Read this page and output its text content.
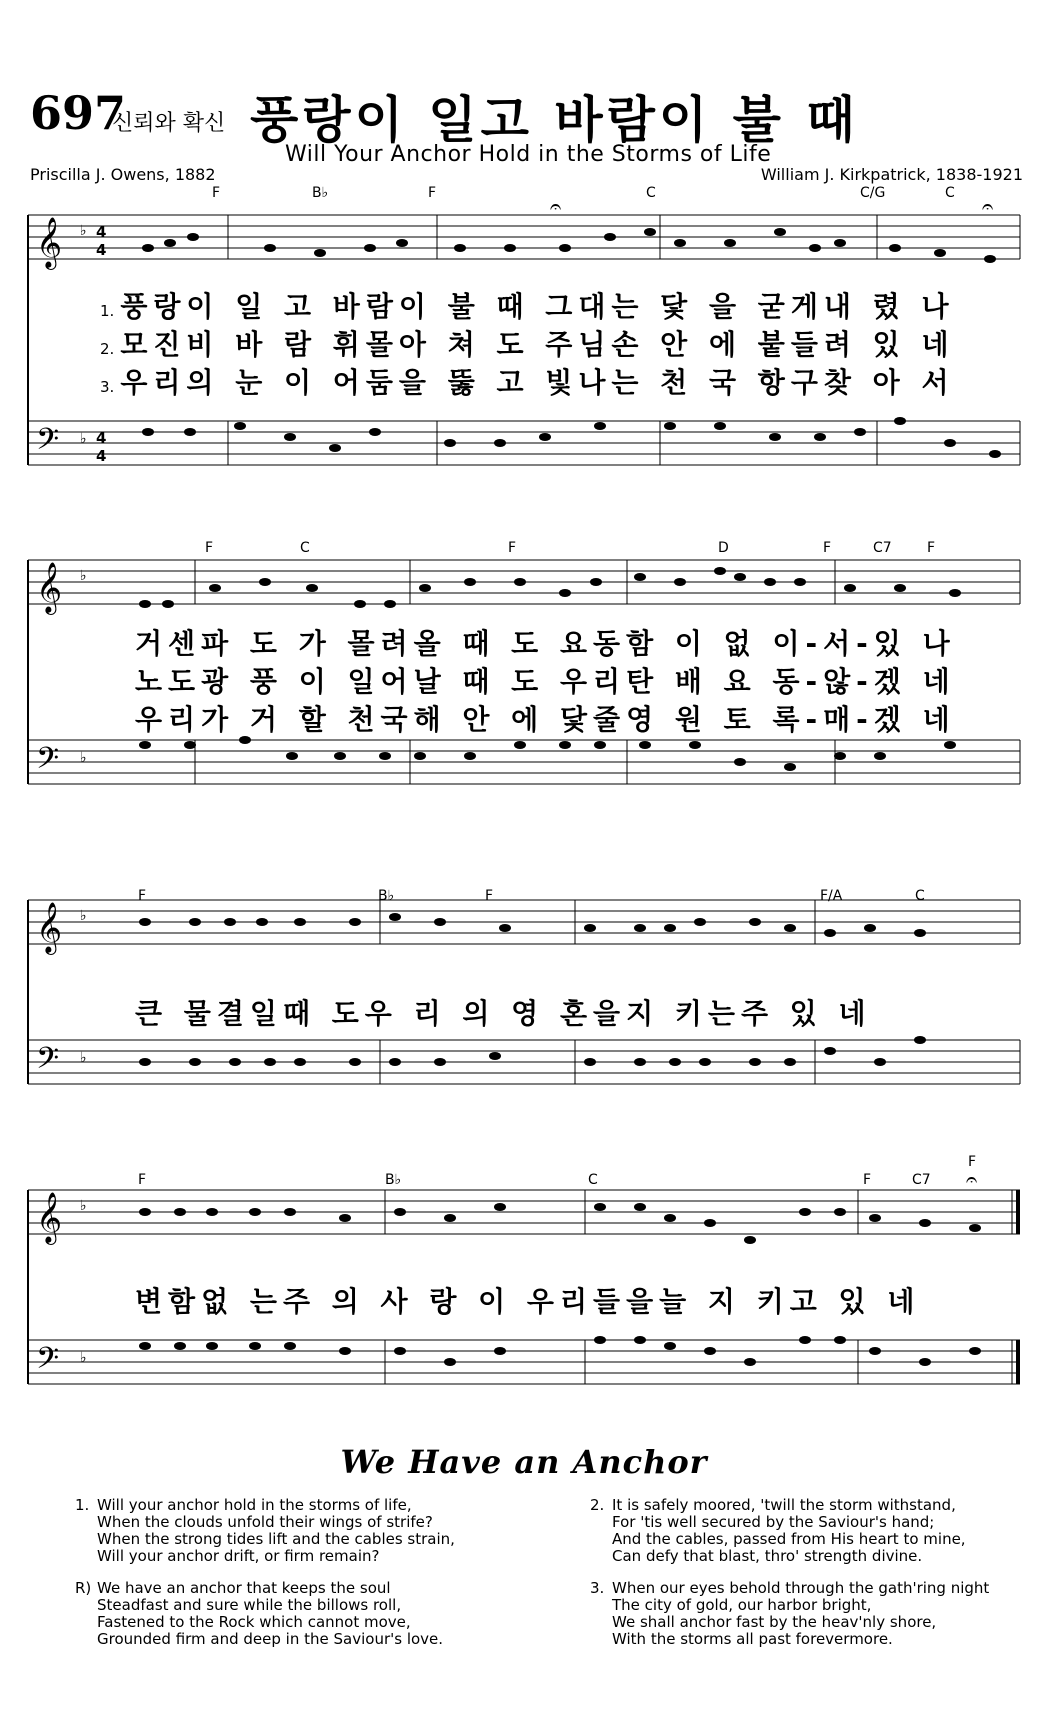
697
신뢰와 확신 풍랑이 일고 바람이 불 때
Will Your Anchor Hold in the Storms of Life
Priscilla J. Owens, 1882	William J. Kirkpatrick, 1838-1921
𝄞
𝄢
♭
♭
4
4
4
4
𝄐	𝄐
F	B♭	F	C	C/G	C
1. 풍랑이 일 고 바람이 불 때 그대는 닻 을 굳게내 렸 나
2. 모진비 바 람 휘몰아 쳐 도 주님손 안 에 붙들려 있 네
3. 우리의 눈 이 어둠을 뚫 고 빛나는 천 국 항구찾 아 서
𝄞
𝄢
♭
♭
F	C	F	D	F	C7	F
거센파 도 가 몰려올 때 도 요동함 이 없 이-서-있 나
노도광 풍 이 일어날 때 도 우리탄 배 요 동-않-겠 네
우리가 거 할 천국해 안 에 닻줄영 원 토 록-매-겠 네
𝄞
𝄢
♭
♭
F	B♭	F	F/A	C
큰 물결일때 도우 리 의 영 혼을지 키는주 있 네
𝄞
𝄢
♭
♭
𝄐
F	B♭	C	F	C7
F
변함없 는주 의 사 랑 이 우리들을늘 지 키고 있 네
We Have an Anchor
1. Will your anchor hold in the storms of life,
When the clouds unfold their wings of strife?
When the strong tides lift and the cables strain,
Will your anchor drift, or firm remain?
R) We have an anchor that keeps the soul
Steadfast and sure while the billows roll,
Fastened to the Rock which cannot move,
Grounded firm and deep in the Saviour's love.
2. It is safely moored, 'twill the storm withstand,
For 'tis well secured by the Saviour's hand;
And the cables, passed from His heart to mine,
Can defy that blast, thro' strength divine.
3. When our eyes behold through the gath'ring night
The city of gold, our harbor bright,
We shall anchor fast by the heav'nly shore,
With the storms all past forevermore.
